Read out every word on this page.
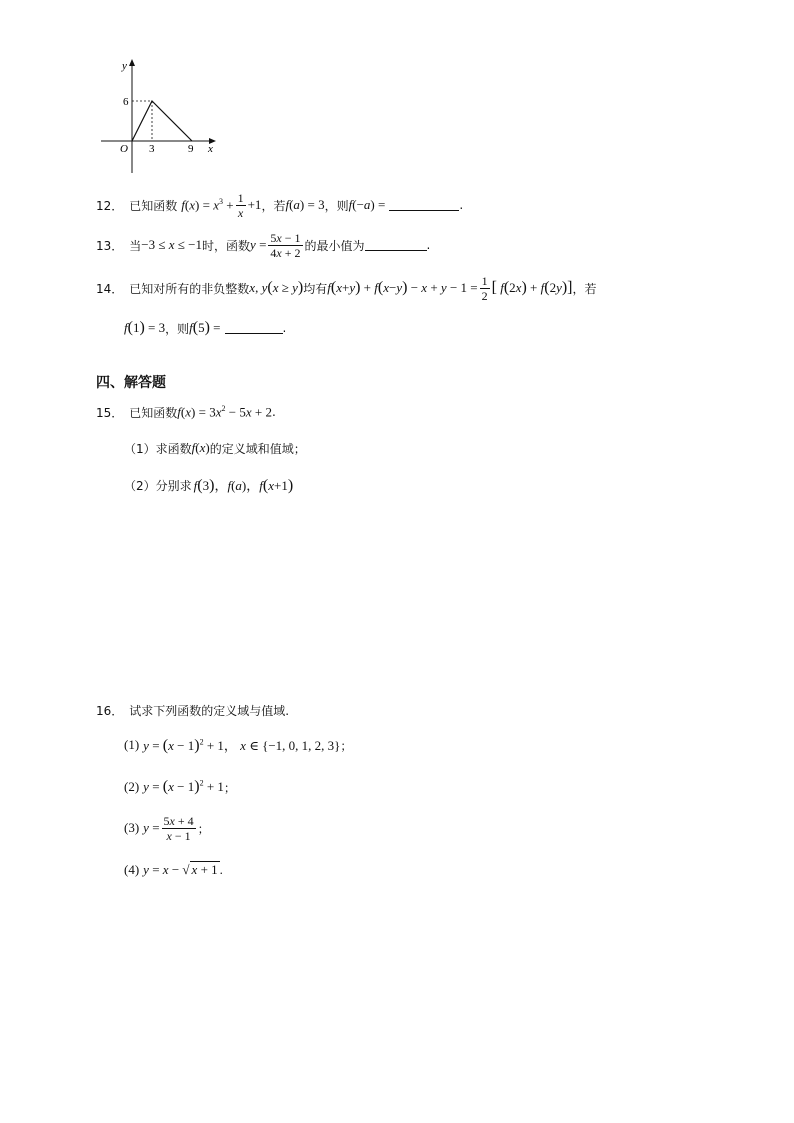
y
x
O
6
3	9
12． 已知函数 $f(x) = x^3 + \frac{1}{x} +1$ ，若 f(a) = 3 ，则 f(−a) =	.
13． 当 −3 ≤ x ≤ −1 时，函数 $y = \frac{5x - 1}{4x + 2}$ 的最小值为	.
14． 已知对所有的非负整数 x, y(x ≥ y) 均有 $f(x+y) + f(x-y) - x + y - 1 = \frac{1}{2}$ [ f(2x) + f(2y)] ，若
f(1) = 3 ，则 f(5) =	.
四、解答题
15． 已知函数 $f(x) = 3x^2 - 5x + 2$ .
（1） 求函数 f(x) 的定义域和值域；
（2） 分别求 f(3)，f(a)，f(x+1)
16． 试求下列函数的定义域与值域.
(1) $y = (x - 1)^2 + 1$， x ∈ {−1, 0, 1, 2, 3} ；
(2) $y = (x - 1)^2 + 1$ ；
(3) $y = \frac{5x + 4}{x - 1}$ ；
(4) y = x − √ x + 1 .
